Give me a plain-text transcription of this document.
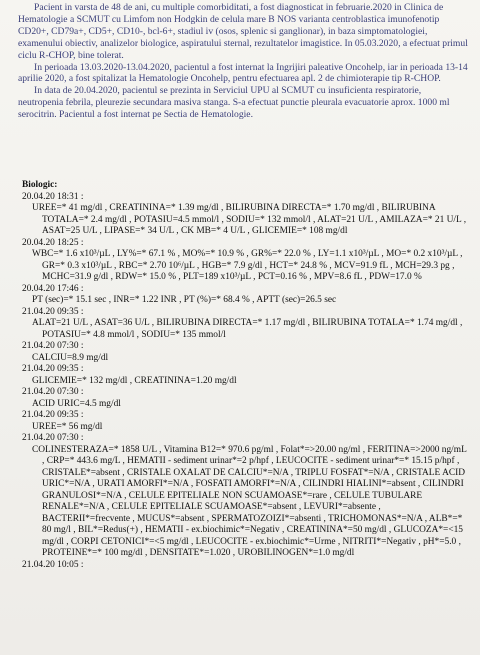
Pacient in varsta de 48 de ani, cu multiple comorbiditati, a fost diagnosticat in februarie.2020 in Clinica de Hematologie a SCMUT cu Limfom non Hodgkin de celula mare B NOS varianta centroblastica imunofenotip CD20+, CD79a+, CD5+, CD10-, bcl-6+, stadiul iv (osos, splenic si ganglionar), in baza simptomatologiei, examenului obiectiv, analizelor biologice, aspiratului sternal, rezultatelor imagistice. In 05.03.2020, a efectuat primul ciclu R-CHOP, bine tolerat.

In perioada 13.03.2020-13.04.2020, pacientul a fost internat la Ingrijiri paleative Oncohelp, iar in perioada 13-14 aprilie 2020, a fost spitalizat la Hematologie Oncohelp, pentru efectuarea apl. 2 de chimioterapie tip R-CHOP.

In data de 20.04.2020, pacientul se prezinta in Serviciul UPU al SCMUT cu insuficienta respiratorie, neutropenia febrila, pleurezie secundara masiva stanga. S-a efectuat punctie pleurala evacuatorie aprox. 1000 ml serocitrin. Pacientul a fost internat pe Sectia de Hematologie.

Biologic:
20.04.20 18:31 :
UREE=* 41 mg/dl , CREATININA=* 1.39 mg/dl , BILIRUBINA DIRECTA=* 1.70 mg/dl , BILIRUBINA TOTALA=* 2.4 mg/dl , POTASIU=4.5 mmol/l , SODIU=* 132 mmol/l , ALAT=21 U/L , AMILAZA=* 21 U/L , ASAT=25 U/L , LIPASE=* 34 U/L , CK MB=* 4 U/L , GLICEMIE=* 108 mg/dl
20.04.20 18:25 :
WBC=* 1.6 x10³/µL , LY%=* 67.1 % , MO%=* 10.9 % , GR%=* 22.0 % , LY=1.1 x10³/µL , MO=* 0.2 x10³/µL , GR=* 0.3 x10³/µL , RBC=* 2.70 10⁶/µL , HGB=* 7.9 g/dl , HCT=* 24.8 % , MCV=91.9 fL , MCH=29.3 pg , MCHC=31.9 g/dl , RDW=* 15.0 % , PLT=189 x10³/µL , PCT=0.16 % , MPV=8.6 fL , PDW=17.0 %
20.04.20 17:46 :
PT (sec)=* 15.1 sec , INR=* 1.22 INR , PT (%)=* 68.4 % , APTT (sec)=26.5 sec
21.04.20 09:35 :
ALAT=21 U/L , ASAT=36 U/L , BILIRUBINA DIRECTA=* 1.17 mg/dl , BILIRUBINA TOTALA=* 1.74 mg/dl , POTASIU=* 4.8 mmol/l , SODIU=* 135 mmol/l
21.04.20 07:30 :
CALCIU=8.9 mg/dl
21.04.20 09:35 :
GLICEMIE=* 132 mg/dl , CREATININA=1.20 mg/dl
21.04.20 07:30 :
ACID URIC=4.5 mg/dl
21.04.20 09:35 :
UREE=* 56 mg/dl
21.04.20 07:30 :
COLINESTERAZA=* 1858 U/L , Vitamina B12=* 970.6 pg/ml , Folat*=>20.00 ng/ml , FERITINA=>2000 ng/mL , CRP=* 443.6 mg/L , HEMATII - sediment urinar*=2 p/hpf , LEUCOCITE - sediment urinar*=* 15.15 p/hpf , CRISTALE*=absent , CRISTALE OXALAT DE CALCIU*=N/A , TRIPLU FOSFAT*=N/A , CRISTALE ACID URIC*=N/A , URATI AMORFI*=N/A , FOSFATI AMORFI*=N/A , CILINDRI HIALINI*=absent , CILINDRI GRANULOSI*=N/A , CELULE EPITELIALE NON SCUAMOASE*=rare , CELULE TUBULARE RENALE*=N/A , CELULE EPITELIALE SCUAMOASE*=absent , LEVURI*=absente , BACTERII*=frecvente , MUCUS*=absent , SPERMATOZOIZI*=absenti , TRICHOMONAS*=N/A , ALB*=* 80 mg/l , BIL*=Redus(+) , HEMATII - ex.biochimic*=Negativ , CREATININA*=50 mg/dl , GLUCOZA*=<15 mg/dl , CORPI CETONICI*=<5 mg/dl , LEUCOCITE - ex.biochimic*=Urme , NITRITI*=Negativ , pH*=5.0 , PROTEINE*=* 100 mg/dl , DENSITATE*=1.020 , UROBILINOGEN*=1.0 mg/dl
21.04.20 10:05 :
